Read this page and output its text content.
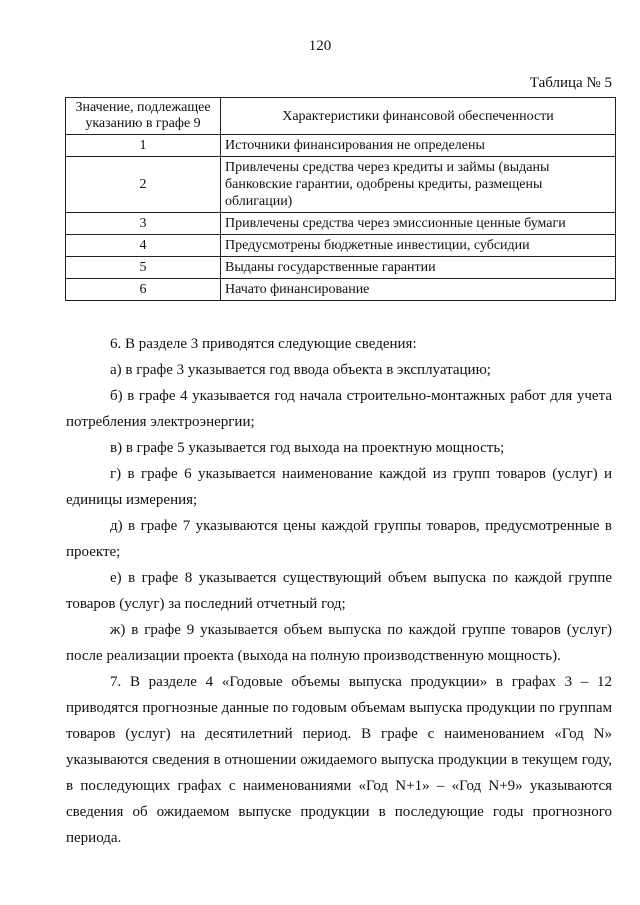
120
Таблица № 5
Значение, подлежащее указанию в графе 9	Характеристики финансовой обеспеченности
1	Источники финансирования не определены
2	Привлечены средства через кредиты и займы (выданы банковские гарантии, одобрены кредиты, размещены облигации)
3	Привлечены средства через эмиссионные ценные бумаги
4	Предусмотрены бюджетные инвестиции, субсидии
5	Выданы государственные гарантии
6	Начато финансирование

6. В разделе 3 приводятся следующие сведения:

а) в графе 3 указывается год ввода объекта в эксплуатацию;

б) в графе 4 указывается год начала строительно-монтажных работ для учета потребления электроэнергии;

в) в графе 5 указывается год выхода на проектную мощность;

г) в графе 6 указывается наименование каждой из групп товаров (услуг) и единицы измерения;

д) в графе 7 указываются цены каждой группы товаров, предусмотренные в проекте;

е) в графе 8 указывается существующий объем выпуска по каждой группе товаров (услуг) за последний отчетный год;

ж) в графе 9 указывается объем выпуска по каждой группе товаров (услуг) после реализации проекта (выхода на полную производственную мощность).

7. В разделе 4 «Годовые объемы выпуска продукции» в графах 3 – 12 приводятся прогнозные данные по годовым объемам выпуска продукции по группам товаров (услуг) на десятилетний период. В графе с наименованием «Год N» указываются сведения в отношении ожидаемого выпуска продукции в текущем году, в последующих графах с наименованиями «Год N+1» – «Год N+9» указываются сведения об ожидаемом выпуске продукции в последующие годы прогнозного периода.
